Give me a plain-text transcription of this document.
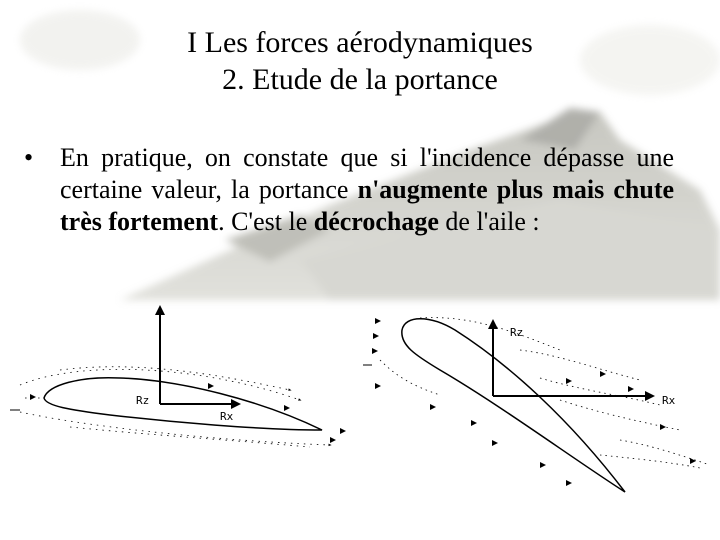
I Les forces aérodynamiques
2. Etude de la portance
• En pratique, on constate que si l'incidence dépasse une certaine valeur, la portance n'augmente plus mais chute très fortement. C'est le décrochage de l'aile :
Rz
Rx
Rz
Rx
